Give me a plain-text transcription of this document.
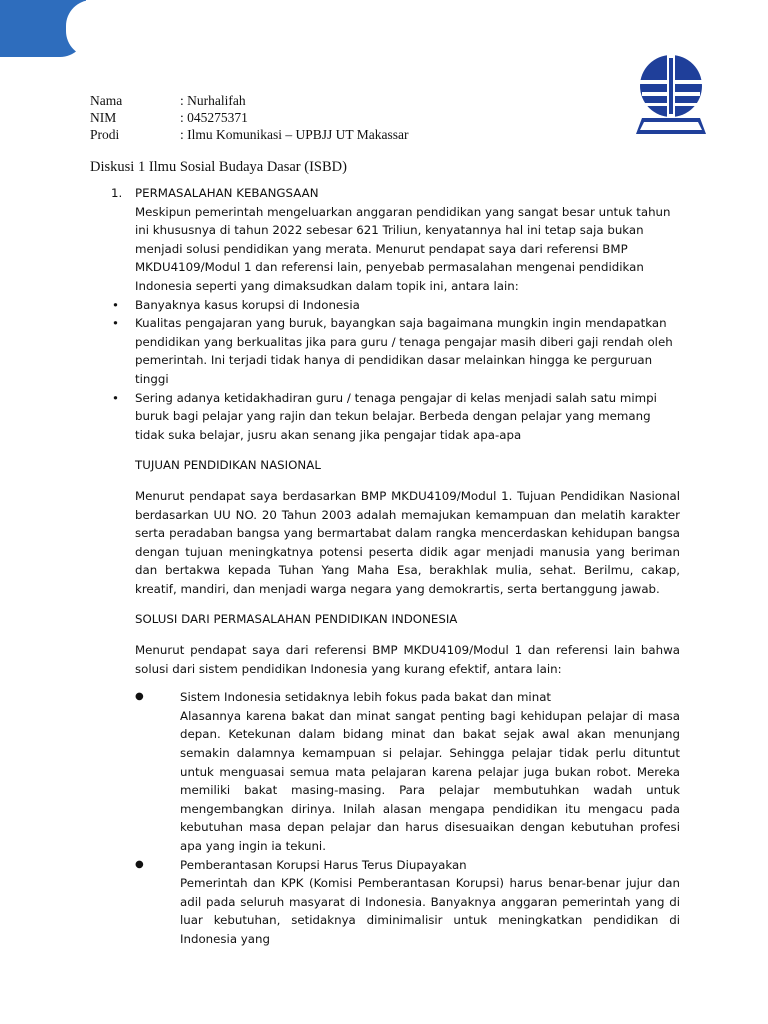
Nama	: Nurhalifah
NIM	: 045275371
Prodi	: Ilmu Komunikasi – UPBJJ UT Makassar
Diskusi 1 Ilmu Sosial Budaya Dasar (ISBD)
1.	PERMASALAHAN KEBANGSAAN
Meskipun pemerintah mengeluarkan anggaran pendidikan yang sangat besar untuk tahun ini khususnya di tahun 2022 sebesar 621 Triliun, kenyatannya hal ini tetap saja bukan menjadi solusi pendidikan yang merata. Menurut pendapat saya dari referensi BMP MKDU4109/Modul 1 dan referensi lain, penyebab permasalahan mengenai pendidikan Indonesia seperti yang dimaksudkan dalam topik ini, antara lain:
•	Banyaknya kasus korupsi di Indonesia
•	Kualitas pengajaran yang buruk, bayangkan saja bagaimana mungkin ingin mendapatkan pendidikan yang berkualitas jika para guru / tenaga pengajar masih diberi gaji rendah oleh pemerintah. Ini terjadi tidak hanya di pendidikan dasar melainkan hingga ke perguruan tinggi
•	Sering adanya ketidakhadiran guru / tenaga pengajar di kelas menjadi salah satu mimpi buruk bagi pelajar yang rajin dan tekun belajar. Berbeda dengan pelajar yang memang tidak suka belajar, jusru akan senang jika pengajar tidak apa-apa
TUJUAN PENDIDIKAN NASIONAL
Menurut pendapat saya berdasarkan BMP MKDU4109/Modul 1. Tujuan Pendidikan Nasional berdasarkan UU NO. 20 Tahun 2003 adalah memajukan kemampuan dan melatih karakter serta peradaban bangsa yang bermartabat dalam rangka mencerdaskan kehidupan bangsa dengan tujuan meningkatnya potensi peserta didik agar menjadi manusia yang beriman dan bertakwa kepada Tuhan Yang Maha Esa, berakhlak mulia, sehat. Berilmu, cakap, kreatif, mandiri, dan menjadi warga negara yang demokrartis, serta bertanggung jawab.
SOLUSI DARI PERMASALAHAN PENDIDIKAN INDONESIA
Menurut pendapat saya dari referensi BMP MKDU4109/Modul 1 dan referensi lain bahwa solusi dari sistem pendidikan Indonesia yang kurang efektif, antara lain:
●	Sistem Indonesia setidaknya lebih fokus pada bakat dan minat
Alasannya karena bakat dan minat sangat penting bagi kehidupan pelajar di masa depan. Ketekunan dalam bidang minat dan bakat sejak awal akan menunjang semakin dalamnya kemampuan si pelajar. Sehingga pelajar tidak perlu dituntut untuk menguasai semua mata pelajaran karena pelajar juga bukan robot. Mereka memiliki bakat masing-masing. Para pelajar membutuhkan wadah untuk mengembangkan dirinya. Inilah alasan mengapa pendidikan itu mengacu pada kebutuhan masa depan pelajar dan harus disesuaikan dengan kebutuhan profesi apa yang ingin ia tekuni.
●	Pemberantasan Korupsi Harus Terus Diupayakan
Pemerintah dan KPK (Komisi Pemberantasan Korupsi) harus benar-benar jujur dan adil pada seluruh masyarat di Indonesia. Banyaknya anggaran pemerintah yang di luar kebutuhan, setidaknya diminimalisir untuk meningkatkan pendidikan di Indonesia yang
